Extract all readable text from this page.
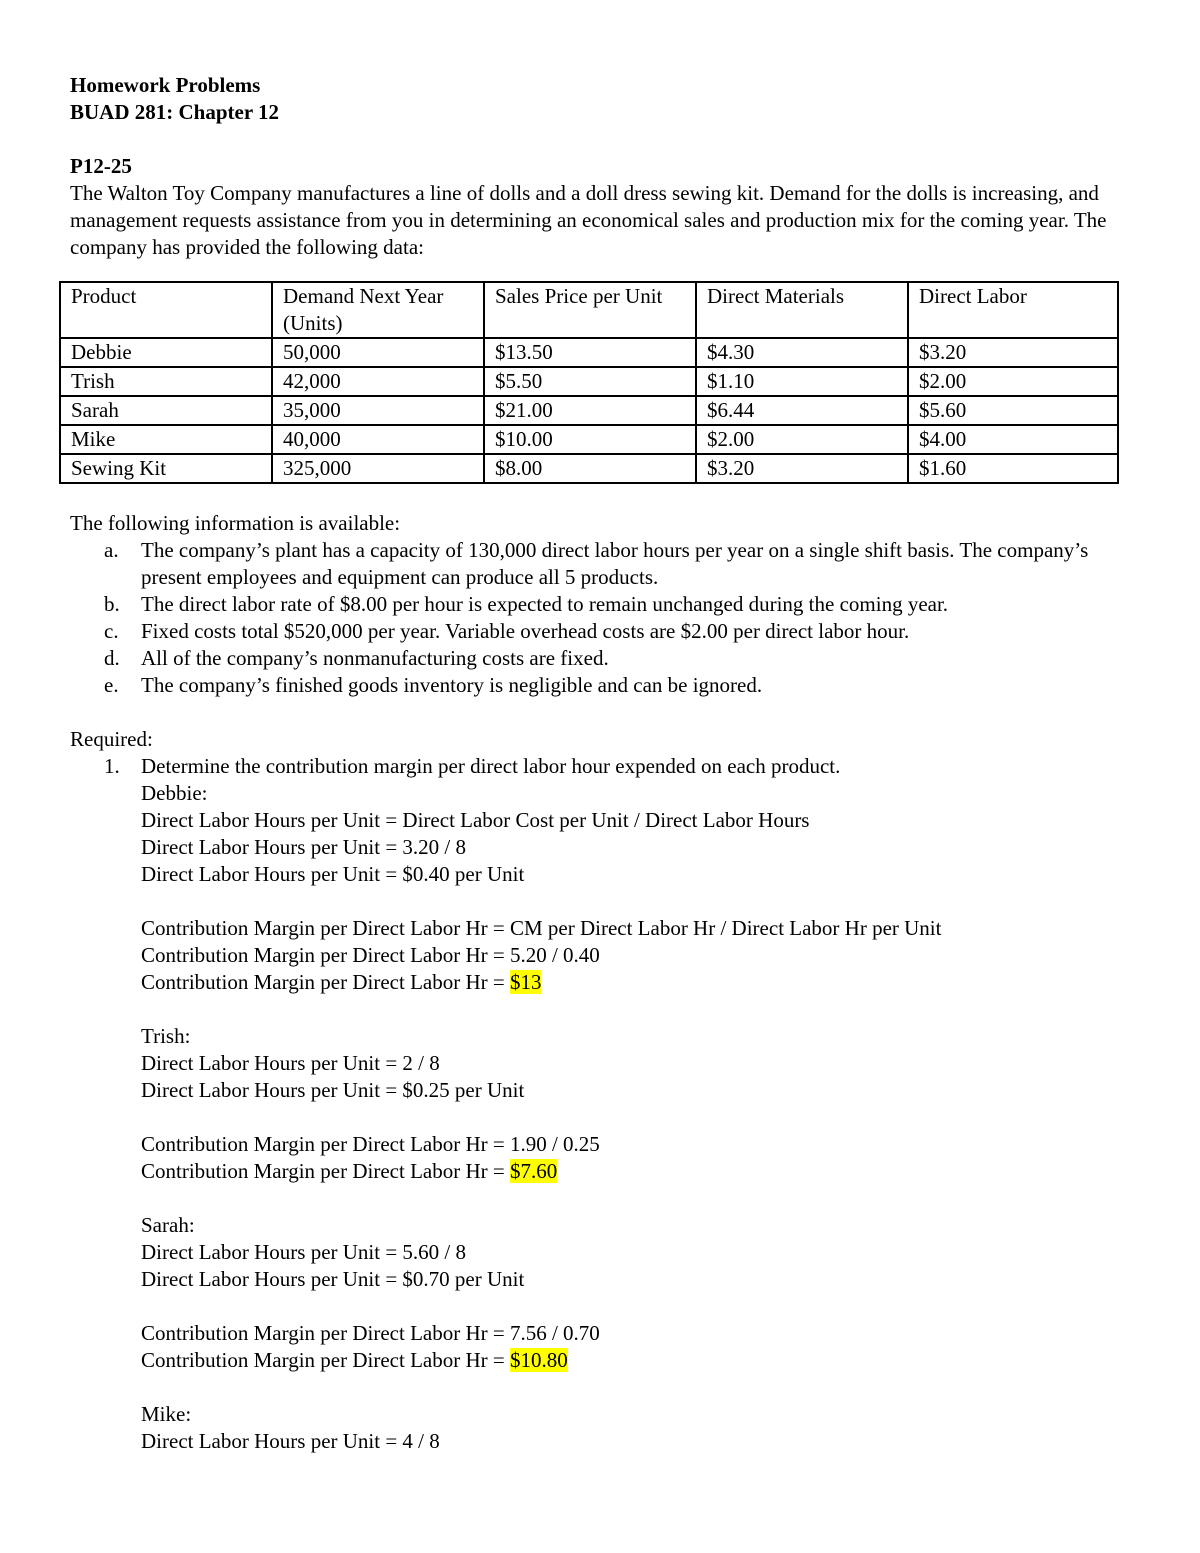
Homework Problems
BUAD 281: Chapter 12
P12-25
The Walton Toy Company manufactures a line of dolls and a doll dress sewing kit. Demand for the dolls is increasing, and management requests assistance from you in determining an economical sales and production mix for the coming year. The company has provided the following data:
Product	Demand Next Year (Units)	Sales Price per Unit	Direct Materials	Direct Labor
Debbie	50,000	$13.50	$4.30	$3.20
Trish	42,000	$5.50	$1.10	$2.00
Sarah	35,000	$21.00	$6.44	$5.60
Mike	40,000	$10.00	$2.00	$4.00
Sewing Kit	325,000	$8.00	$3.20	$1.60
The following information is available:
a. The company’s plant has a capacity of 130,000 direct labor hours per year on a single shift basis. The company’s present employees and equipment can produce all 5 products.
b. The direct labor rate of $8.00 per hour is expected to remain unchanged during the coming year.
c. Fixed costs total $520,000 per year. Variable overhead costs are $2.00 per direct labor hour.
d. All of the company’s nonmanufacturing costs are fixed.
e. The company’s finished goods inventory is negligible and can be ignored.
Required:
1. Determine the contribution margin per direct labor hour expended on each product.
Debbie:
Direct Labor Hours per Unit = Direct Labor Cost per Unit / Direct Labor Hours
Direct Labor Hours per Unit = 3.20 / 8
Direct Labor Hours per Unit = $0.40 per Unit
Contribution Margin per Direct Labor Hr = CM per Direct Labor Hr / Direct Labor Hr per Unit
Contribution Margin per Direct Labor Hr = 5.20 / 0.40
Contribution Margin per Direct Labor Hr = $13
Trish:
Direct Labor Hours per Unit = 2 / 8
Direct Labor Hours per Unit = $0.25 per Unit
Contribution Margin per Direct Labor Hr = 1.90 / 0.25
Contribution Margin per Direct Labor Hr = $7.60
Sarah:
Direct Labor Hours per Unit = 5.60 / 8
Direct Labor Hours per Unit = $0.70 per Unit
Contribution Margin per Direct Labor Hr = 7.56 / 0.70
Contribution Margin per Direct Labor Hr = $10.80
Mike:
Direct Labor Hours per Unit = 4 / 8
